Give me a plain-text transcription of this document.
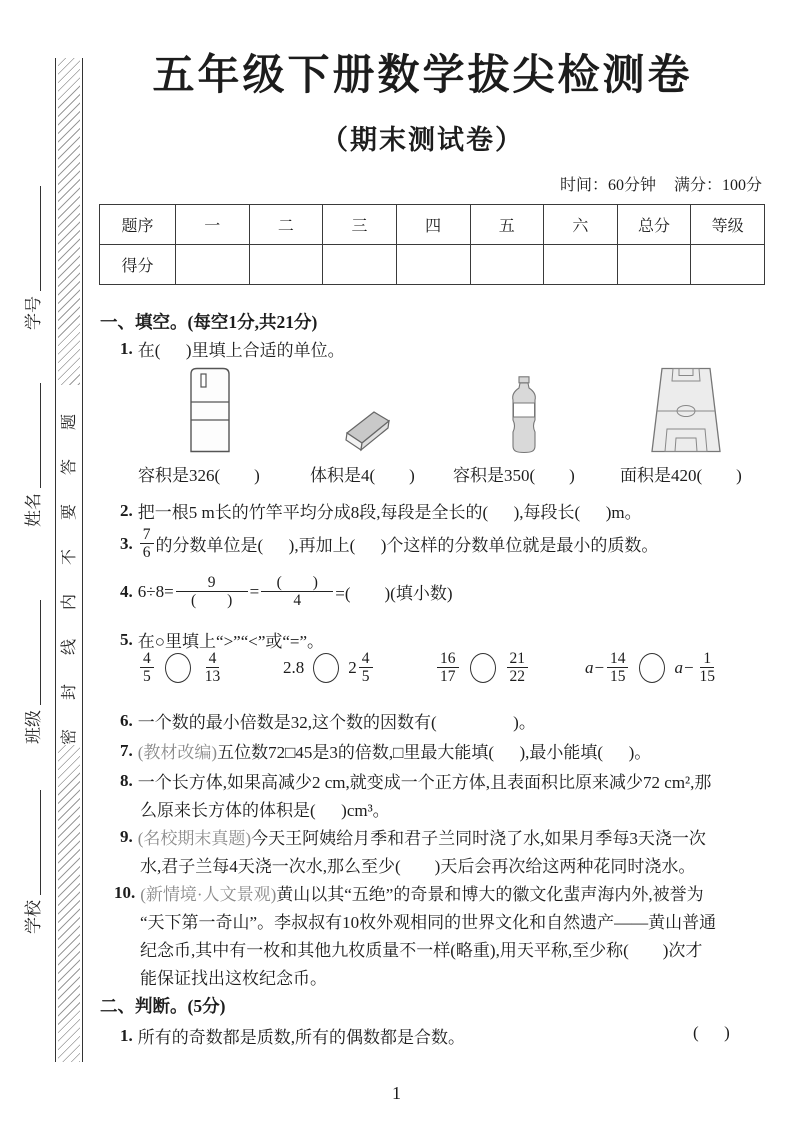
学号
姓名
班级
学校
密封线内不要答题
五年级下册数学拔尖检测卷
（期末测试卷）
时间：60分钟 满分：100分
题序	一	二	三	四	五	六	总分	等级
得分								
一、填空。(每空1分,共21分)
1. 在(      )里填上合适的单位。
容积是326(        )	体积是4(        ) 容积是350(        )	面积是420(        )
2. 把一根5 m长的竹竿平均分成8段,每段是全长的(      ),每段长(      )m。
3. $\frac{7}{6}$ 的分数单位是(      ),再加上(      )个这样的分数单位就是最小的质数。
4. $6\div 8= \frac{9}{( )} = \frac{( )}{4}$ =(        )(填小数)
5. 在○里填上“>”“<”或“=”。
$\frac{4}{5}$	$\frac{4}{13}$	2.8	$2 \frac{4}{5}$	$\frac{16}{17}$	$\frac{21}{22}$	$a- \frac{14}{15}$	$a- \frac{1}{15}$
6. 一个数的最小倍数是32,这个数的因数有(                  )。
7. (教材改编) 五位数72□45是3的倍数,□里最大能填(      ),最小能填(      )。
8. 一个长方体,如果高减少2 cm,就变成一个正方体,且表面积比原来减少72 cm²,那
么原来长方体的体积是(      )cm³。
9. (名校期末真题) 今天王阿姨给月季和君子兰同时浇了水,如果月季每3天浇一次
水,君子兰每4天浇一次水,那么至少(        )天后会再次给这两种花同时浇水。
10. (新情境·人文景观) 黄山以其“五绝”的奇景和博大的徽文化蜚声海内外,被誉为
“天下第一奇山”。李叔叔有10枚外观相同的世界文化和自然遗产——黄山普通
纪念币,其中有一枚和其他九枚质量不一样(略重),用天平称,至少称(        )次才
能保证找出这枚纪念币。
二、判断。(5分)
1. 所有的奇数都是质数,所有的偶数都是合数。	(      )
1
